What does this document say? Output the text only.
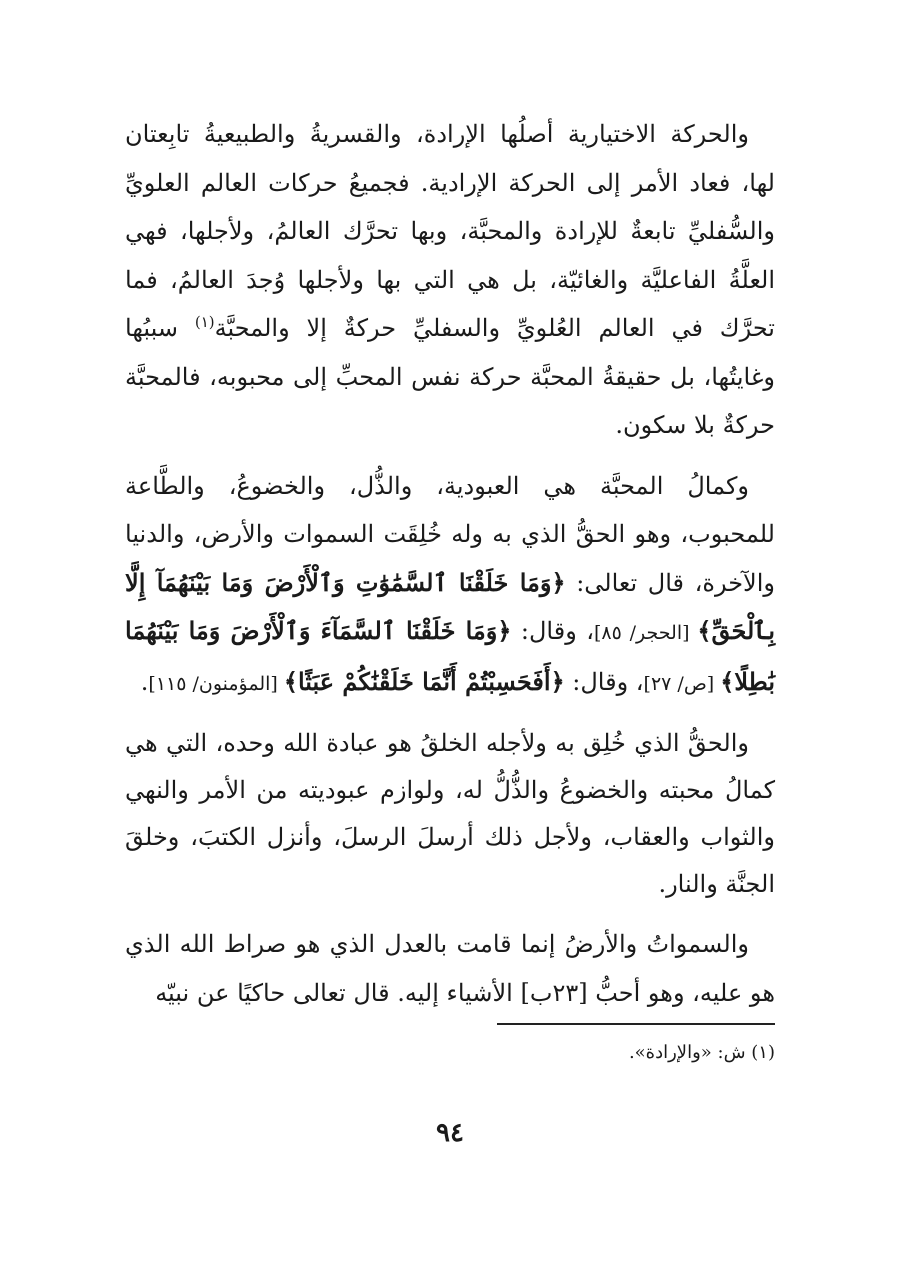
والحركة الاختيارية أصلُها الإرادة، والقسريةُ والطبيعيةُ تابِعتان لها، فعاد الأمر إلى الحركة الإرادية. فجميعُ حركات العالم العلويِّ والسُّفليِّ تابعةٌ للإرادة والمحبَّة، وبها تحرَّك العالمُ، ولأجلها، فهي العلَّةُ الفاعليَّة والغائيّة، بل هي التي بها ولأجلها وُجدَ العالمُ، فما تحرَّك في العالم العُلويِّ والسفليِّ حركةٌ إلا والمحبَّة$^{(١)}$ سببُها وغايتُها، بل حقيقةُ المحبَّة حركة نفس المحبِّ إلى محبوبه، فالمحبَّة حركةٌ بلا سكون.

وكمالُ المحبَّة هي العبودية، والذُّل، والخضوعُ، والطَّاعة للمحبوب، وهو الحقُّ الذي به وله خُلِقَت السموات والأرض، والدنيا والآخرة، قال تعالى: ﴿وَمَا خَلَقْنَا ٱلسَّمَٰوَٰتِ وَٱلْأَرْضَ وَمَا بَيْنَهُمَآ إِلَّا بِٱلْحَقِّ﴾ [الحجر/ ٨٥]، وقال: ﴿وَمَا خَلَقْنَا ٱلسَّمَآءَ وَٱلْأَرْضَ وَمَا بَيْنَهُمَا بَٰطِلًا﴾ [ص/ ٢٧]، وقال: ﴿أَفَحَسِبْتُمْ أَنَّمَا خَلَقْنَٰكُمْ عَبَثًا﴾ [المؤمنون/ ١١٥].

والحقُّ الذي خُلِق به ولأجله الخلقُ هو عبادة الله وحده، التي هي كمالُ محبته والخضوعُ والذُّلُّ له، ولوازم عبوديته من الأمر والنهي والثواب والعقاب، ولأجل ذلك أرسلَ الرسلَ، وأنزل الكتبَ، وخلقَ الجنَّة والنار.

والسمواتُ والأرضُ إنما قامت بالعدل الذي هو صراط الله الذي هو عليه، وهو أحبُّ [٢٣ب] الأشياء إليه. قال تعالى حاكيًا عن نبيّه

(١) ش: «والإرادة».
٩٤
